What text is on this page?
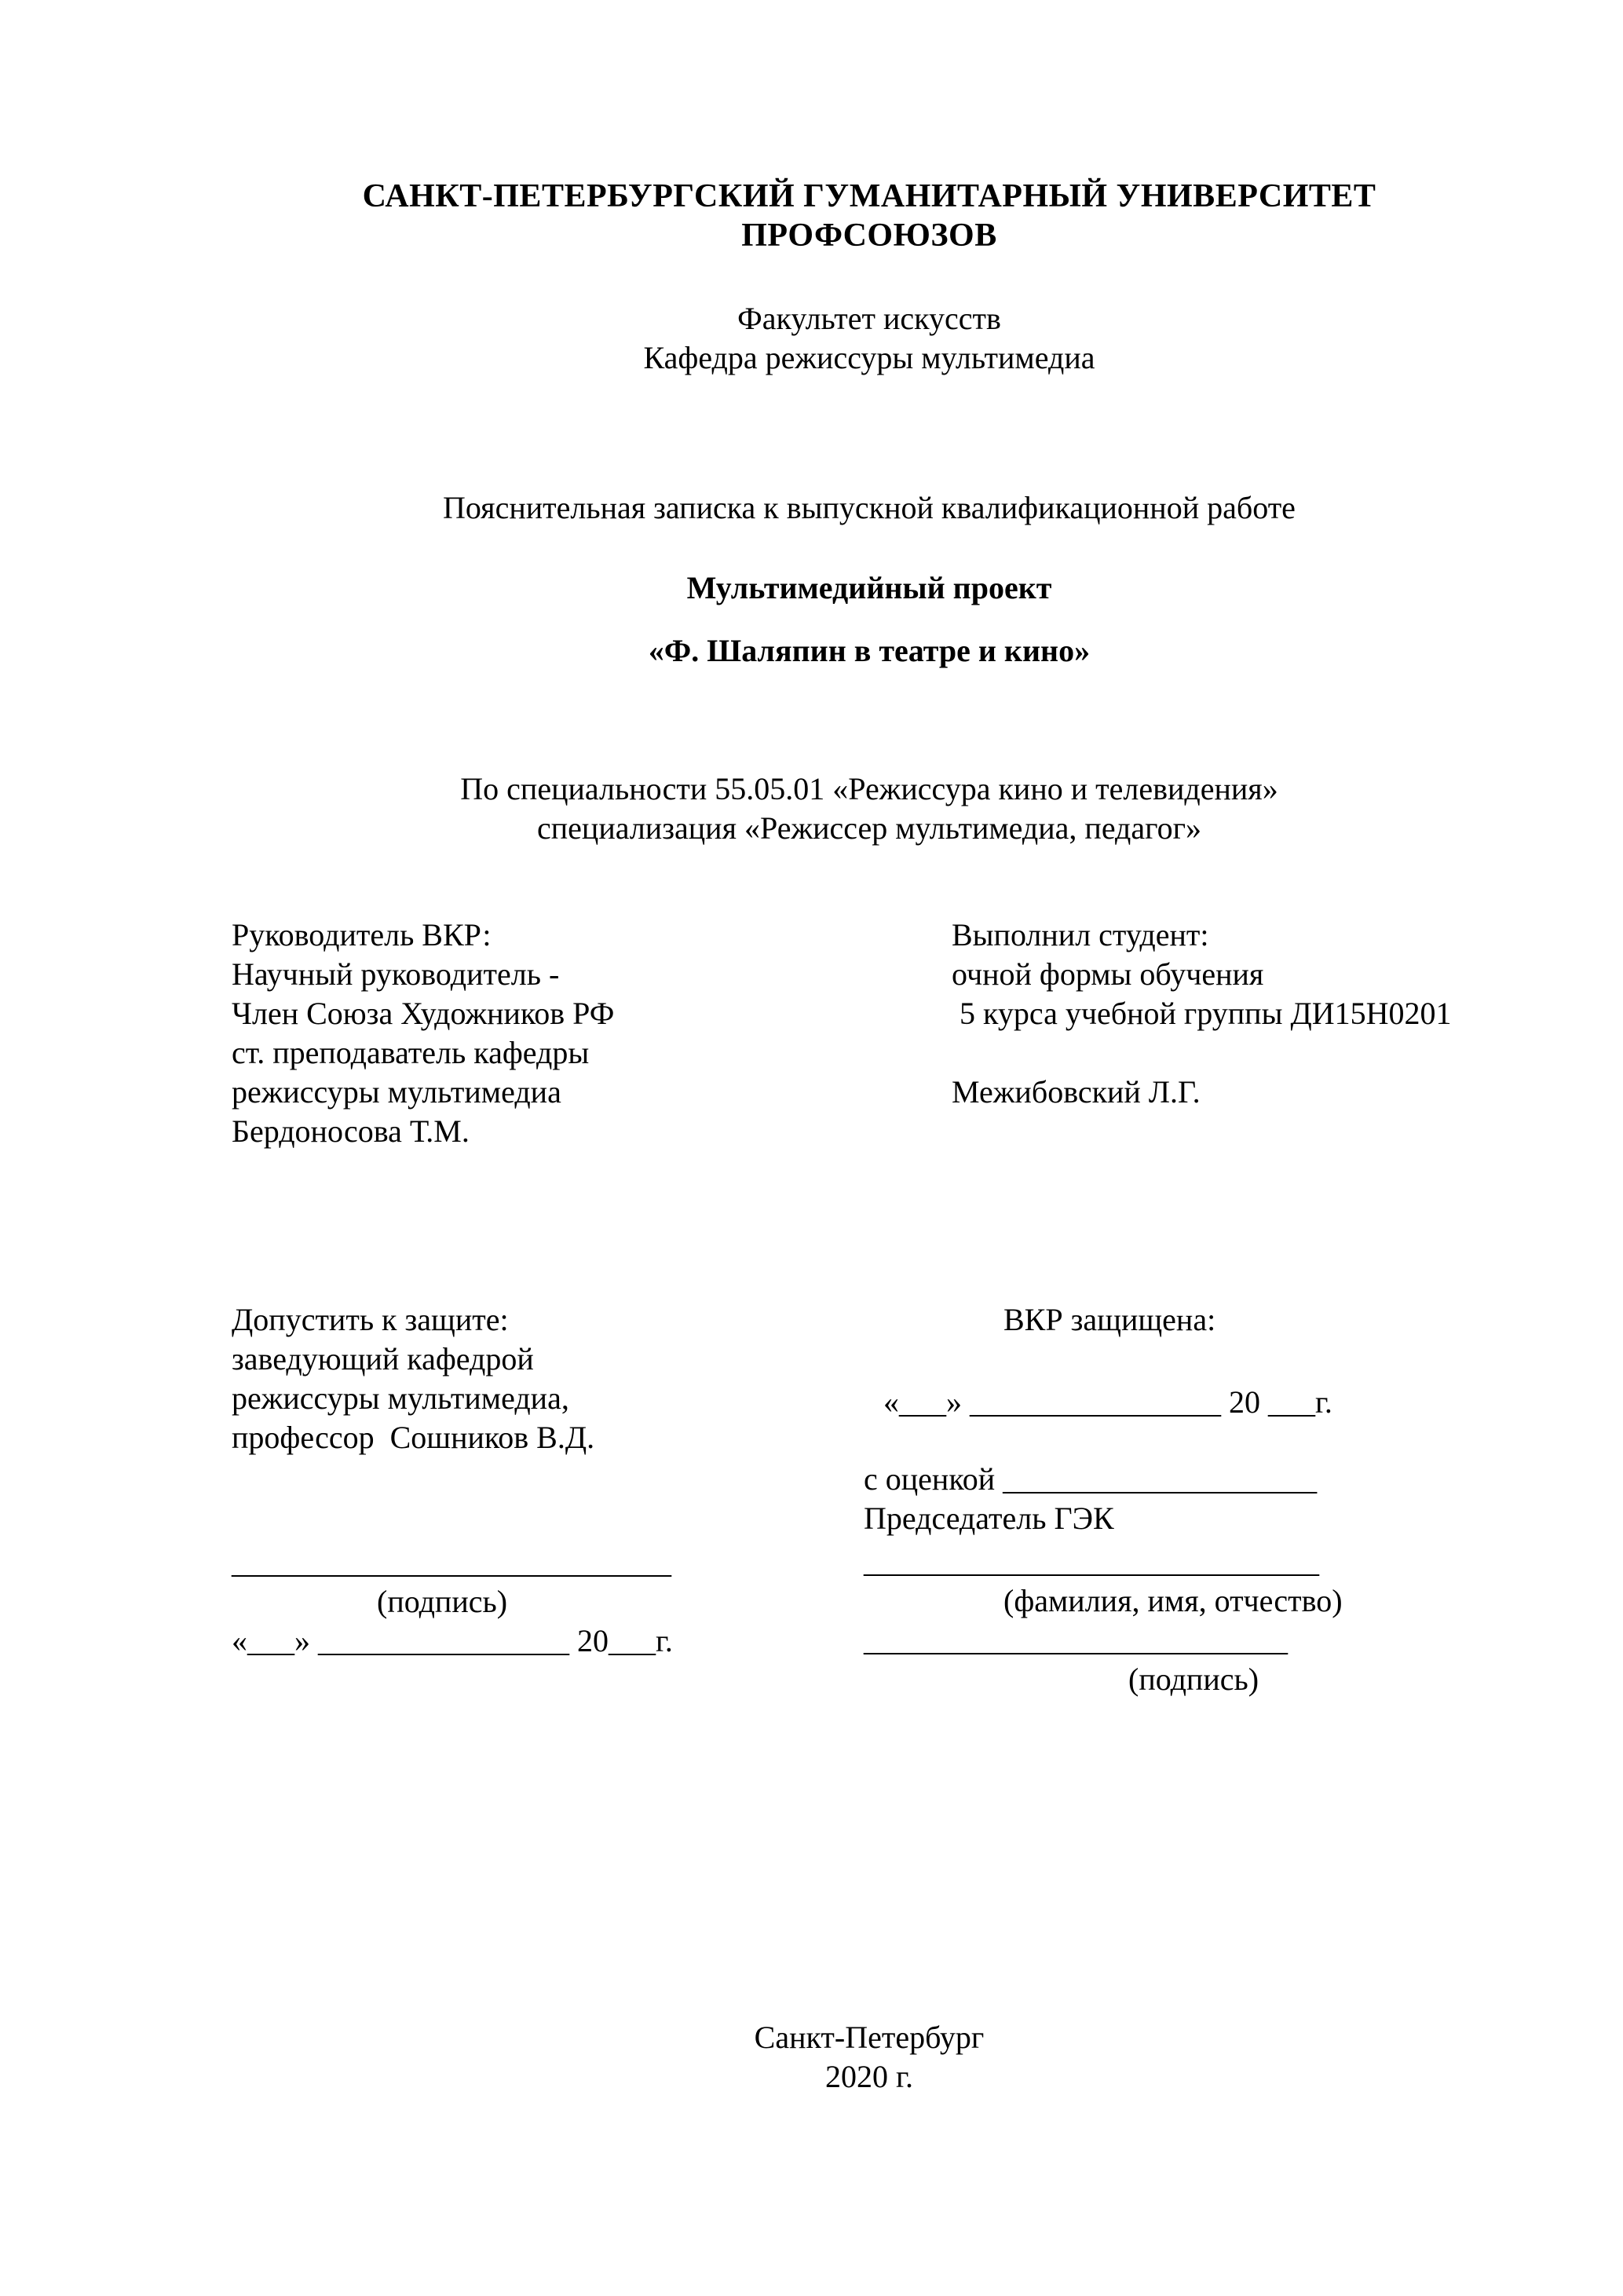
САНКТ-ПЕТЕРБУРГСКИЙ ГУМАНИТАРНЫЙ УНИВЕРСИТЕТ ПРОФСОЮЗОВ
Факультет искусств
Кафедра режиссуры мультимедиа
Пояснительная записка к выпускной квалификационной работе
Мультимедийный проект
«Ф. Шаляпин в театре и кино»
По специальности 55.05.01 «Режиссура кино и телевидения»
специализация «Режиссер мультимедиа, педагог»
Руководитель ВКР:
Научный руководитель -
Член Союза Художников РФ
ст. преподаватель кафедры
режиссуры мультимедиа
Бердоносова Т.М.
Выполнил студент:
очной формы обучения
5 курса учебной группы ДИ15Н0201
Межибовский Л.Г.
Допустить к защите:
заведующий кафедрой
режиссуры мультимедиа,
профессор  Сошников В.Д.
____________________________
(подпись)
«___» ________________ 20___г.
ВКР защищена:
«___» ________________ 20 ___г.
с оценкой ____________________
Председатель ГЭК
_____________________________
(фамилия, имя, отчество)
___________________________
(подпись)
Санкт-Петербург
2020 г.
